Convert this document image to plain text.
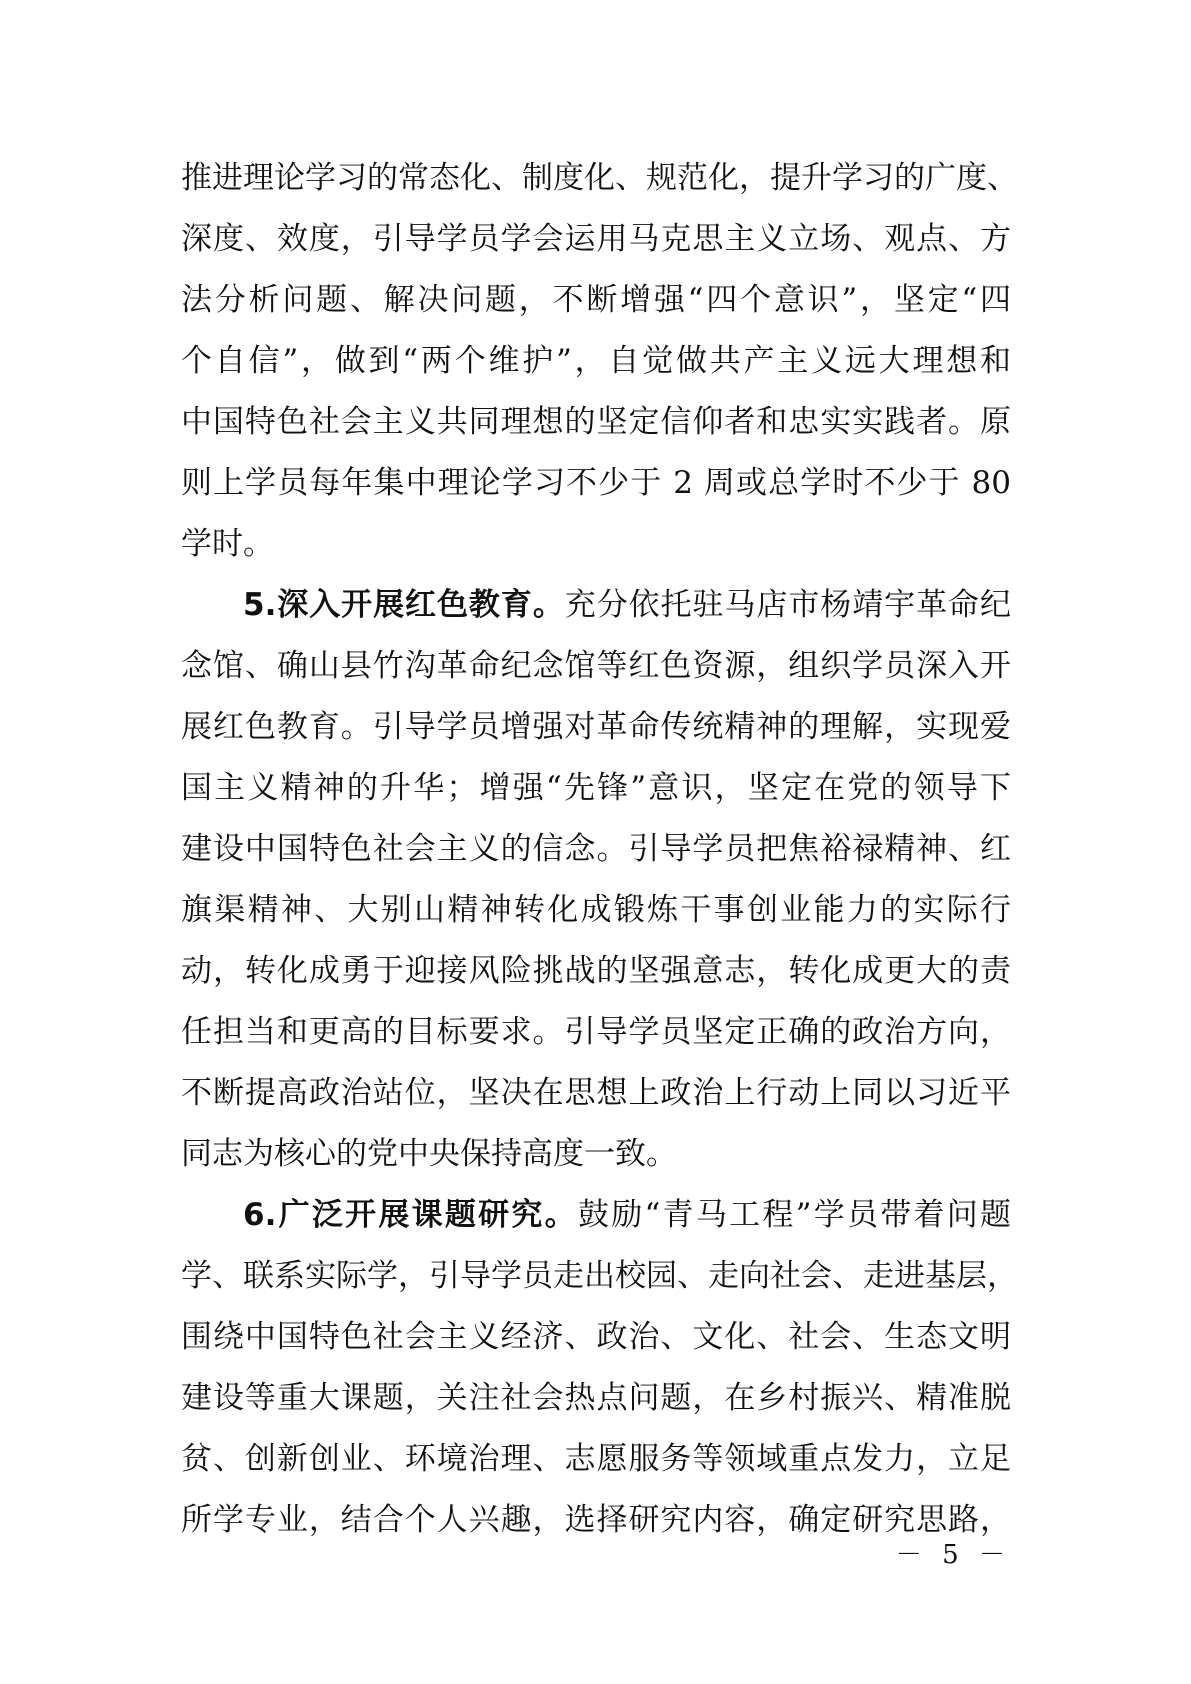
推进理论学习的常态化、制度化、规范化，提升学习的广度、
深度、效度，引导学员学会运用马克思主义立场、观点、方
法分析问题、解决问题，不断增强“四个意识”，坚定“四
个自信”，做到“两个维护”，自觉做共产主义远大理想和
中国特色社会主义共同理想的坚定信仰者和忠实实践者。原
则上学员每年集中理论学习不少于 2 周或总学时不少于 80
学时。
5.深入开展红色教育。充分依托驻马店市杨靖宇革命纪
念馆、确山县竹沟革命纪念馆等红色资源，组织学员深入开
展红色教育。引导学员增强对革命传统精神的理解，实现爱
国主义精神的升华；增强“先锋”意识，坚定在党的领导下
建设中国特色社会主义的信念。引导学员把焦裕禄精神、红
旗渠精神、大别山精神转化成锻炼干事创业能力的实际行
动，转化成勇于迎接风险挑战的坚强意志，转化成更大的责
任担当和更高的目标要求。引导学员坚定正确的政治方向，
不断提高政治站位，坚决在思想上政治上行动上同以习近平
同志为核心的党中央保持高度一致。
6.广泛开展课题研究。鼓励“青马工程”学员带着问题
学、联系实际学，引导学员走出校园、走向社会、走进基层，
围绕中国特色社会主义经济、政治、文化、社会、生态文明
建设等重大课题，关注社会热点问题，在乡村振兴、精准脱
贫、创新创业、环境治理、志愿服务等领域重点发力，立足
所学专业，结合个人兴趣，选择研究内容，确定研究思路，
－ 5 －
